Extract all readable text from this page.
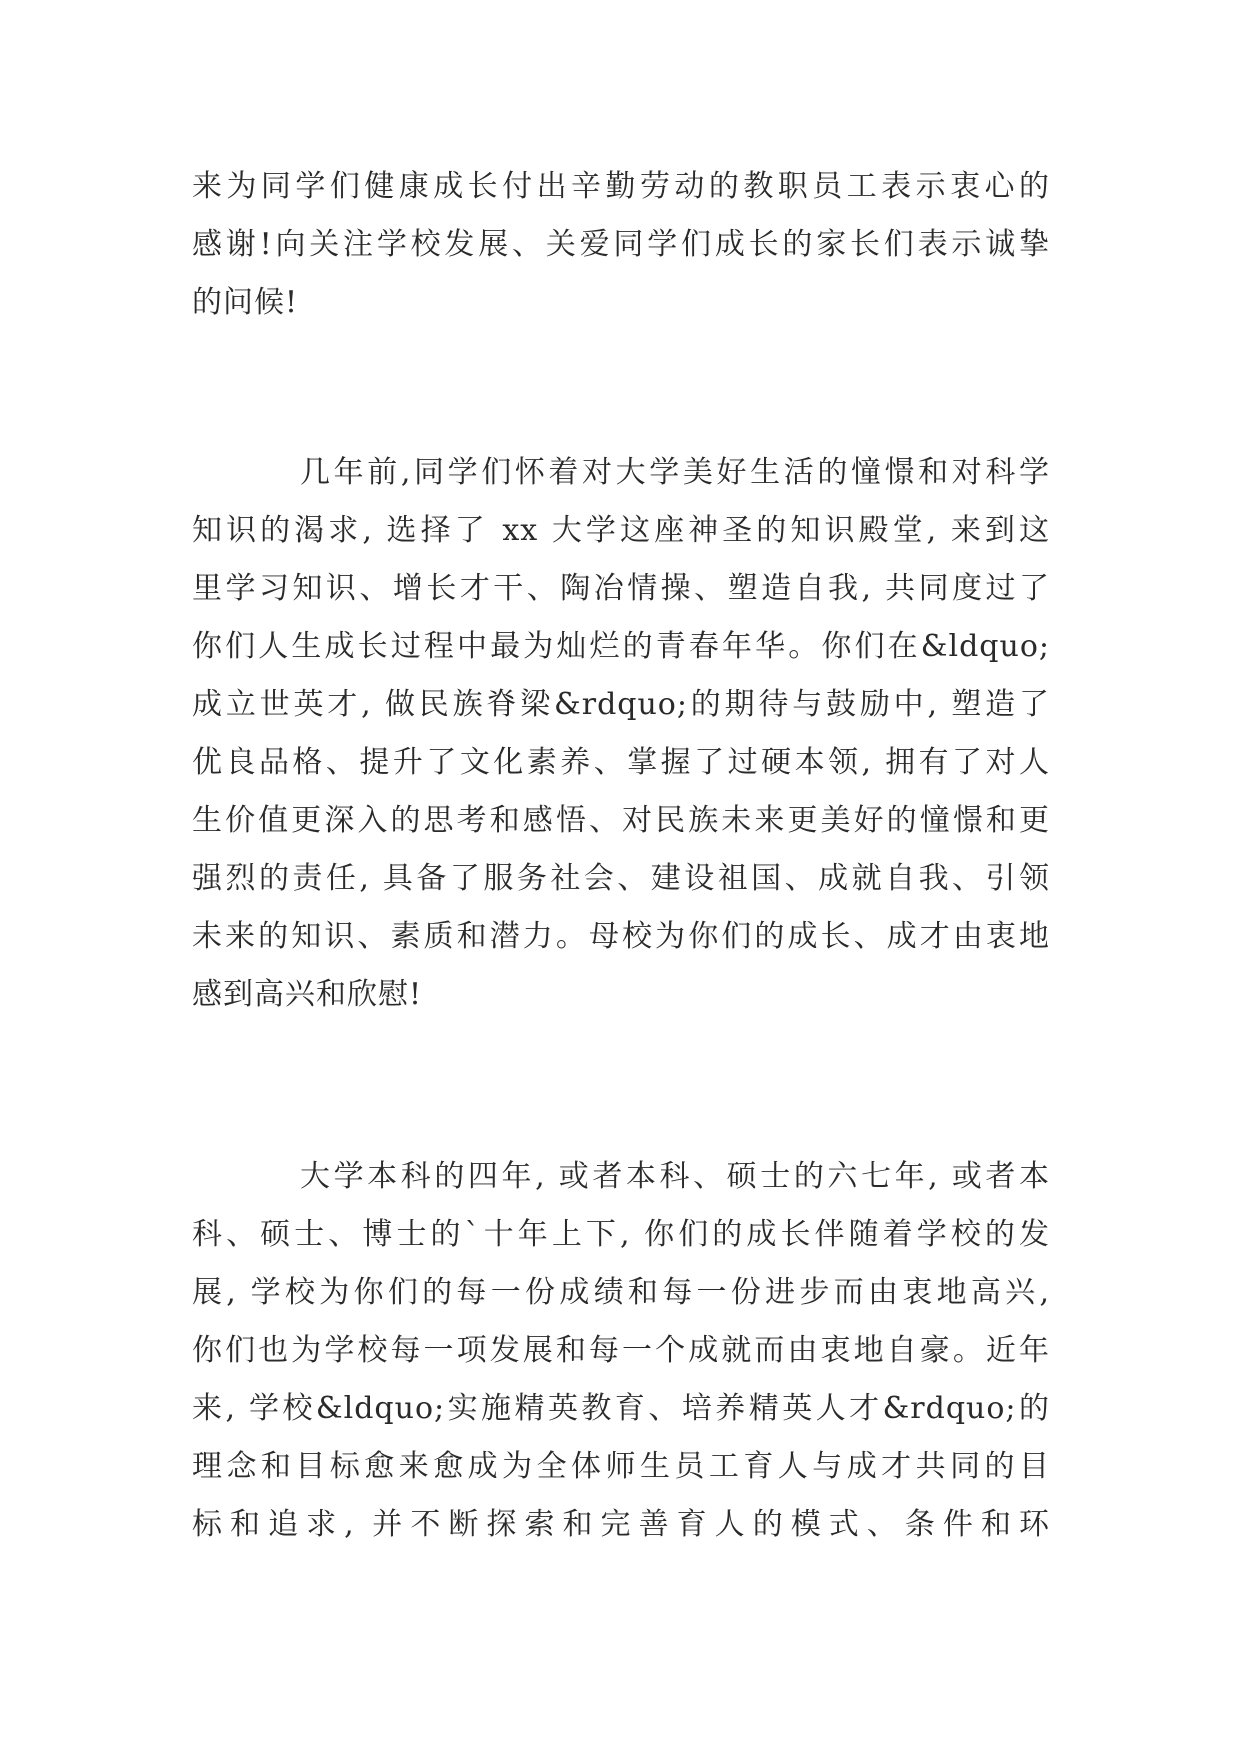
来为同学们健康成长付出辛勤劳动的教职员工表示衷心的
感谢!向关注学校发展、关爱同学们成长的家长们表示诚挚
的问候!
几年前,同学们怀着对大学美好生活的憧憬和对科学
知识的渴求, 选择了 xx 大学这座神圣的知识殿堂, 来到这
里学习知识、增长才干、陶冶情操、塑造自我, 共同度过了
你们人生成长过程中最为灿烂的青春年华。你们在&ldquo;
成立世英才, 做民族脊梁&rdquo;的期待与鼓励中, 塑造了
优良品格、提升了文化素养、掌握了过硬本领, 拥有了对人
生价值更深入的思考和感悟、对民族未来更美好的憧憬和更
强烈的责任, 具备了服务社会、建设祖国、成就自我、引领
未来的知识、素质和潜力。母校为你们的成长、成才由衷地
感到高兴和欣慰!
大学本科的四年, 或者本科、硕士的六七年, 或者本
科、硕士、博士的`十年上下, 你们的成长伴随着学校的发
展, 学校为你们的每一份成绩和每一份进步而由衷地高兴,
你们也为学校每一项发展和每一个成就而由衷地自豪。近年
来, 学校&ldquo;实施精英教育、培养精英人才&rdquo;的
理念和目标愈来愈成为全体师生员工育人与成才共同的目
标和追求, 并不断探索和完善育人的模式、条件和环
